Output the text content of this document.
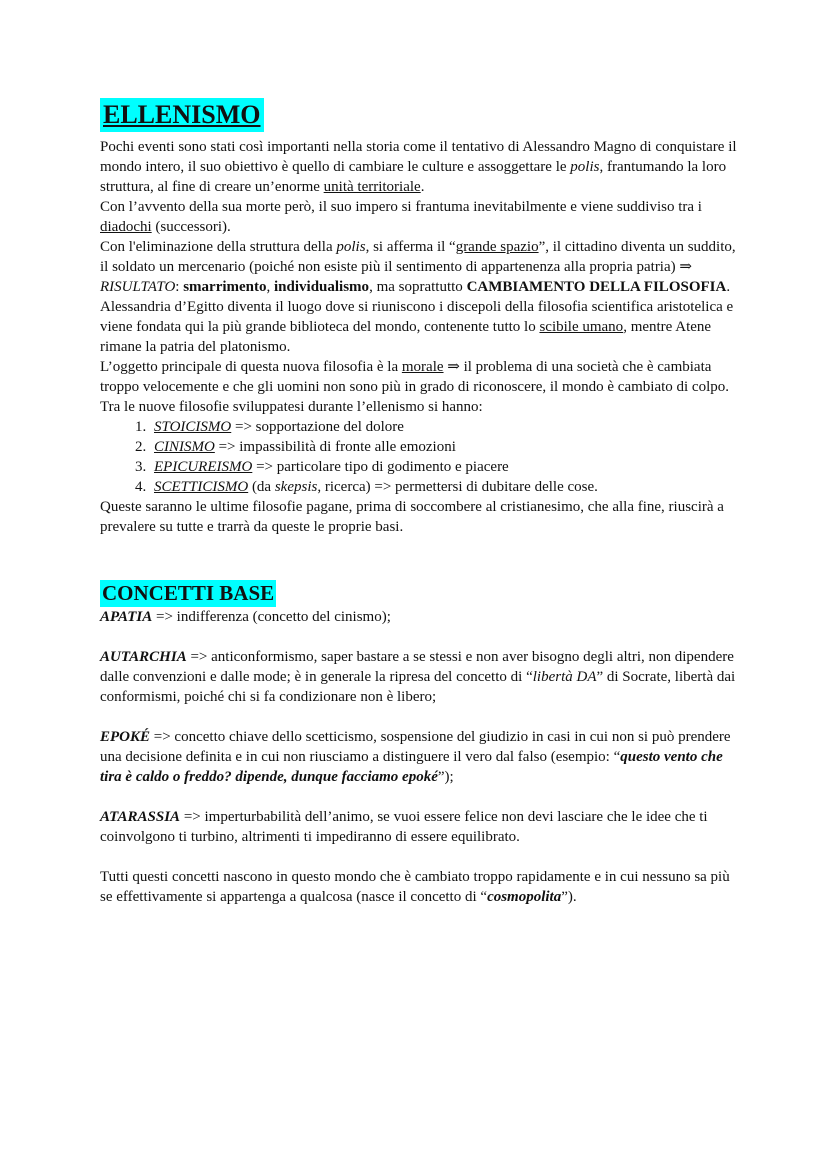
ELLENISMO

Pochi eventi sono stati così importanti nella storia come il tentativo di Alessandro Magno di conquistare il mondo intero, il suo obiettivo è quello di cambiare le culture e assoggettare le polis, frantumando la loro struttura, al fine di creare un’enorme unità territoriale.

Con l’avvento della sua morte però, il suo impero si frantuma inevitabilmente e viene suddiviso tra i diadochi (successori).

Con l'eliminazione della struttura della polis, si afferma il “grande spazio”, il cittadino diventa un suddito, il soldato un mercenario (poiché non esiste più il sentimento di appartenenza alla propria patria) ⇒ RISULTATO: smarrimento, individualismo, ma soprattutto CAMBIAMENTO DELLA FILOSOFIA.

Alessandria d’Egitto diventa il luogo dove si riuniscono i discepoli della filosofia scientifica aristotelica e viene fondata qui la più grande biblioteca del mondo, contenente tutto lo scibile umano, mentre Atene rimane la patria del platonismo.

L’oggetto principale di questa nuova filosofia è la morale ⇒ il problema di una società che è cambiata troppo velocemente e che gli uomini non sono più in grado di riconoscere, il mondo è cambiato di colpo.

Tra le nuove filosofie sviluppatesi durante l’ellenismo si hanno:

1. STOICISMO => sopportazione del dolore
2. CINISMO => impassibilità di fronte alle emozioni
3. EPICUREISMO => particolare tipo di godimento e piacere
4. SCETTICISMO (da skepsis, ricerca) => permettersi di dubitare delle cose.

Queste saranno le ultime filosofie pagane, prima di soccombere al cristianesimo, che alla fine, riuscirà a prevalere su tutte e trarrà da queste le proprie basi.

CONCETTI BASE

APATIA => indifferenza (concetto del cinismo);

AUTARCHIA => anticonformismo, saper bastare a se stessi e non aver bisogno degli altri, non dipendere dalle convenzioni e dalle mode; è in generale la ripresa del concetto di “libertà DA” di Socrate, libertà dai conformismi, poiché chi si fa condizionare non è libero;

EPOKÉ => concetto chiave dello scetticismo, sospensione del giudizio in casi in cui non si può prendere una decisione definita e in cui non riusciamo a distinguere il vero dal falso (esempio: “questo vento che tira è caldo o freddo? dipende, dunque facciamo epoké”);

ATARASSIA => imperturbabilità dell’animo, se vuoi essere felice non devi lasciare che le idee che ti coinvolgono ti turbino, altrimenti ti impediranno di essere equilibrato.

Tutti questi concetti nascono in questo mondo che è cambiato troppo rapidamente e in cui nessuno sa più se effettivamente si appartenga a qualcosa (nasce il concetto di “cosmopolita”).
